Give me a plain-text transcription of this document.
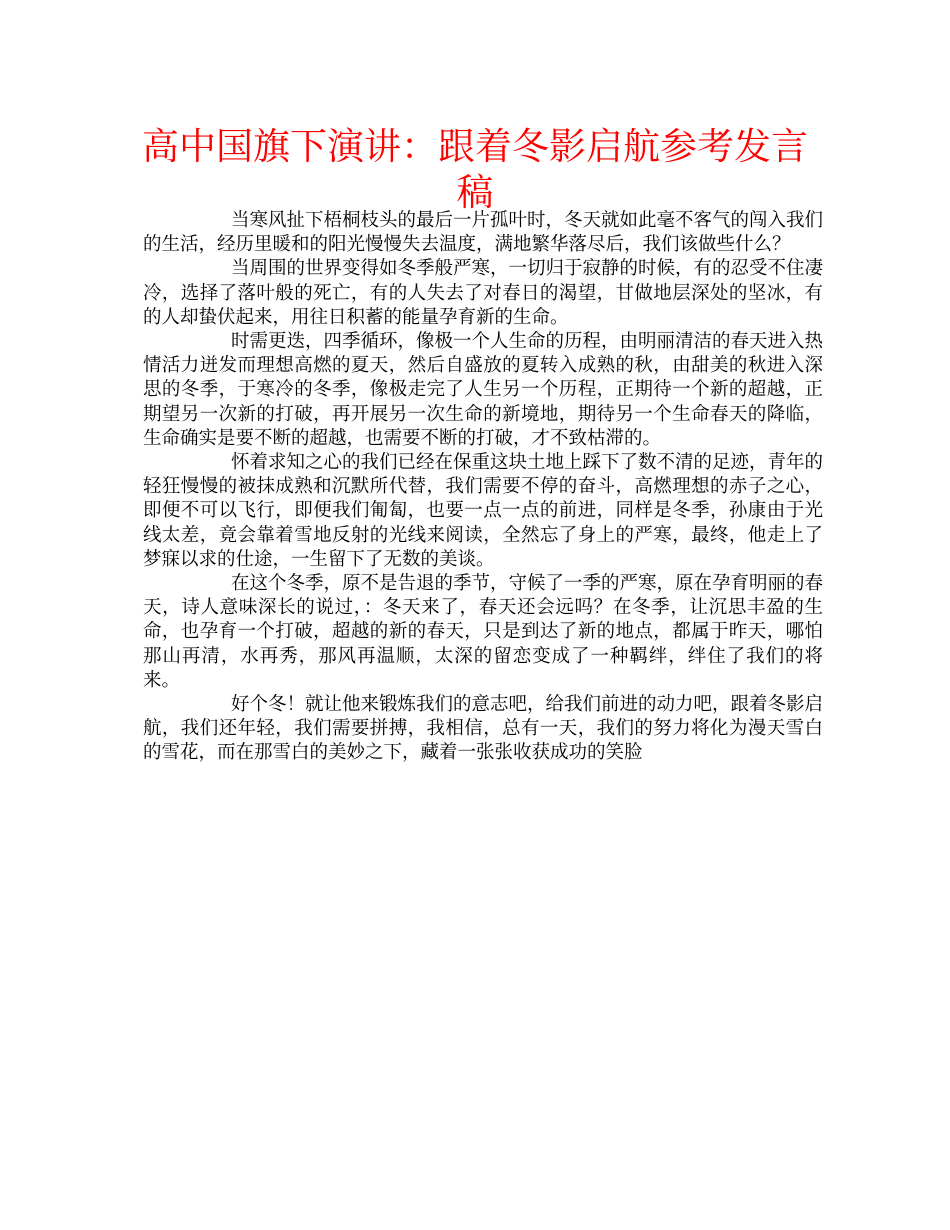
高中国旗下演讲：跟着冬影启航参考发言稿

当寒风扯下梧桐枝头的最后一片孤叶时，冬天就如此毫不客气的闯入我们的生活，经历里暖和的阳光慢慢失去温度，满地繁华落尽后，我们该做些什么？

当周围的世界变得如冬季般严寒，一切归于寂静的时候，有的忍受不住凄冷，选择了落叶般的死亡，有的人失去了对春日的渴望，甘做地层深处的坚冰，有的人却蛰伏起来，用往日积蓄的能量孕育新的生命。

时需更迭，四季循环，像极一个人生命的历程，由明丽清洁的春天进入热情活力迸发而理想高燃的夏天，然后自盛放的夏转入成熟的秋，由甜美的秋进入深思的冬季，于寒冷的冬季，像极走完了人生另一个历程，正期待一个新的超越，正期望另一次新的打破，再开展另一次生命的新境地，期待另一个生命春天的降临，生命确实是要不断的超越，也需要不断的打破，才不致枯滞的。

怀着求知之心的我们已经在保重这块土地上踩下了数不清的足迹，青年的轻狂慢慢的被抹成熟和沉默所代替，我们需要不停的奋斗，高燃理想的赤子之心，即便不可以飞行，即便我们匍匐，也要一点一点的前进，同样是冬季，孙康由于光线太差，竟会靠着雪地反射的光线来阅读，全然忘了身上的严寒，最终，他走上了梦寐以求的仕途，一生留下了无数的美谈。

在这个冬季，原不是告退的季节，守候了一季的严寒，原在孕育明丽的春天，诗人意味深长的说过，：冬天来了，春天还会远吗？在冬季，让沉思丰盈的生命，也孕育一个打破，超越的新的春天，只是到达了新的地点，都属于昨天，哪怕那山再清，水再秀，那风再温顺，太深的留恋变成了一种羁绊，绊住了我们的将来。

好个冬！就让他来锻炼我们的意志吧，给我们前进的动力吧，跟着冬影启航，我们还年轻，我们需要拼搏，我相信，总有一天，我们的努力将化为漫天雪白的雪花，而在那雪白的美妙之下，藏着一张张收获成功的笑脸
